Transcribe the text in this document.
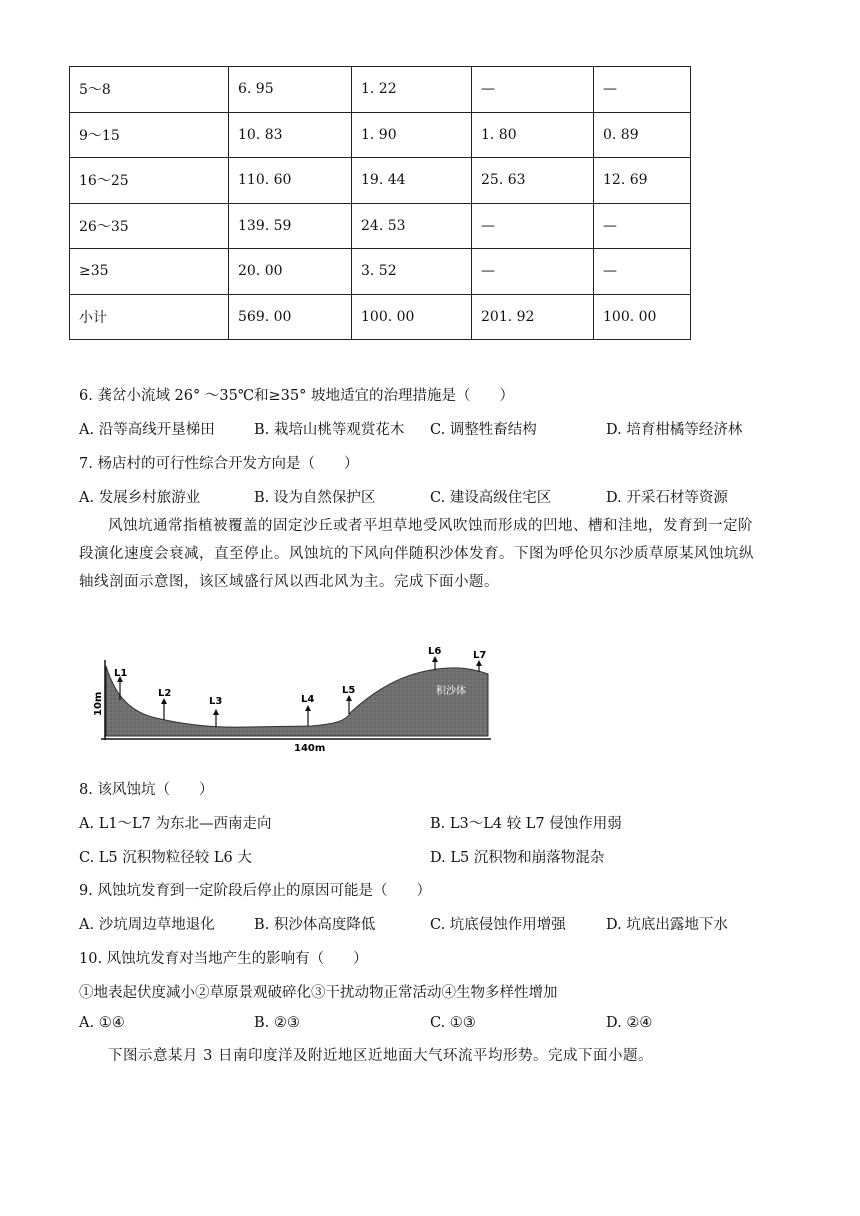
5～8	6. 95	1. 22	—	—
9～15	10. 83	1. 90	1. 80	0. 89
16～25	110. 60	19. 44	25. 63	12. 69
26～35	139. 59	24. 53	—	—
≥35	20. 00	3. 52	—	—
小计	569. 00	100. 00	201. 92	100. 00
6. 龚岔小流域 26° ～35℃和≥35° 坡地适宜的治理措施是（　　）
A. 沿等高线开垦梯田	B. 栽培山桃等观赏花木 C. 调整牲畜结构	D. 培育柑橘等经济林
7. 杨店村的可行性综合开发方向是（　　）
A. 发展乡村旅游业	B. 设为自然保护区	C. 建设高级住宅区	D. 开采石材等资源
风蚀坑通常指植被覆盖的固定沙丘或者平坦草地受风吹蚀而形成的凹地、槽和洼地，发育到一定阶段演化速度会衰减，直至停止。风蚀坑的下风向伴随积沙体发育。下图为呼伦贝尔沙质草原某风蚀坑纵轴线剖面示意图，该区域盛行风以西北风为主。完成下面小题。
L1
L2
L3	L4
L5
L6	L7
积沙体
10m
140m
8. 该风蚀坑（　　）
A. L1～L7 为东北—西南走向	B. L3～L4 较 L7 侵蚀作用弱
C. L5 沉积物粒径较 L6 大	D. L5 沉积物和崩落物混杂
9. 风蚀坑发育到一定阶段后停止的原因可能是（　　）
A. 沙坑周边草地退化	B. 积沙体高度降低	C. 坑底侵蚀作用增强	D. 坑底出露地下水
10. 风蚀坑发育对当地产生的影响有（　　）
①地表起伏度减小②草原景观破碎化③干扰动物正常活动④生物多样性增加
A. ①④	B. ②③	C. ①③	D. ②④
下图示意某月 3 日南印度洋及附近地区近地面大气环流平均形势。完成下面小题。
